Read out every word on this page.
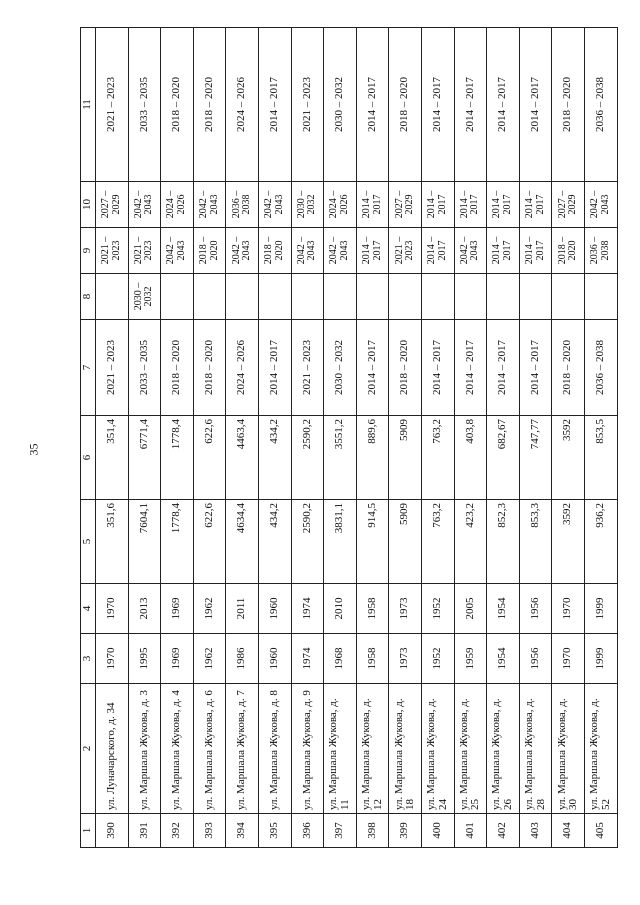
35
1	2	3	4	5	6	7	8	9	10	11
390	ул. Луначарского, д. 34	1970	1970	351,6	351,4	2021 – 2023		2021 – 2023	2027 – 2029	2021 – 2023
391	ул. Маршала Жукова, д. 3	1995	2013	7604,1	6771,4	2033 – 2035	2030 – 2032	2021 – 2023	2042 – 2043	2033 – 2035
392	ул. Маршала Жукова, д. 4	1969	1969	1778,4	1778,4	2018 – 2020		2042 – 2043	2024 – 2026	2018 – 2020
393	ул. Маршала Жукова, д. 6	1962	1962	622,6	622,6	2018 – 2020		2018 – 2020	2042 – 2043	2018 – 2020
394	ул. Маршала Жукова, д. 7	1986	2011	4634,4	4463,4	2024 – 2026		2042 – 2043	2036 – 2038	2024 – 2026
395	ул. Маршала Жукова, д. 8	1960	1960	434,2	434,2	2014 – 2017		2018 – 2020	2042 – 2043	2014 – 2017
396	ул. Маршала Жукова, д. 9	1974	1974	2590,2	2590,2	2021 – 2023		2042 – 2043	2030 – 2032	2021 – 2023
397	ул. Маршала Жукова, д. 11	1968	2010	3831,1	3551,2	2030 – 2032		2042 – 2043	2024 – 2026	2030 – 2032
398	ул. Маршала Жукова, д. 12	1958	1958	914,5	889,6	2014 – 2017		2014 – 2017	2014 – 2017	2014 – 2017
399	ул. Маршала Жукова, д. 18	1973	1973	5909	5909	2018 – 2020		2021 – 2023	2027 – 2029	2018 – 2020
400	ул. Маршала Жукова, д. 24	1952	1952	763,2	763,2	2014 – 2017		2014 – 2017	2014 – 2017	2014 – 2017
401	ул. Маршала Жукова, д. 25	1959	2005	423,2	403,8	2014 – 2017		2042 – 2043	2014 – 2017	2014 – 2017
402	ул. Маршала Жукова, д. 26	1954	1954	852,3	682,67	2014 – 2017		2014 – 2017	2014 – 2017	2014 – 2017
403	ул. Маршала Жукова, д. 28	1956	1956	853,3	747,77	2014 – 2017		2014 – 2017	2014 – 2017	2014 – 2017
404	ул. Маршала Жукова, д. 30	1970	1970	3592	3592	2018 – 2020		2018 – 2020	2027 – 2029	2018 – 2020
405	ул. Маршала Жукова, д. 52	1999	1999	936,2	853,5	2036 – 2038		2036 – 2038	2042 – 2043	2036 – 2038
